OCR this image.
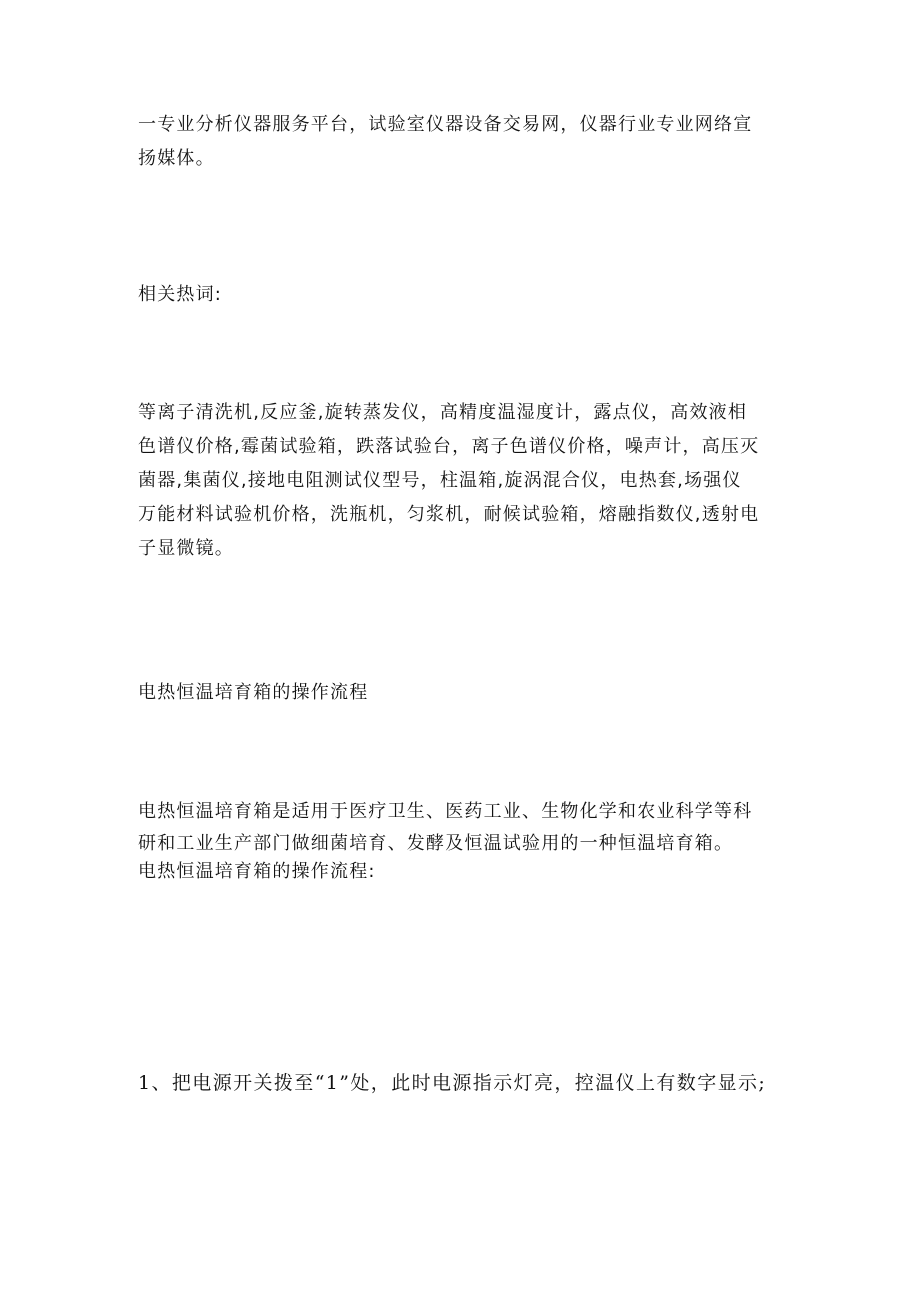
一专业分析仪器服务平台，试验室仪器设备交易网，仪器行业专业网络宣
扬媒体。

相关热词:

等离子清洗机,反应釜,旋转蒸发仪，高精度温湿度计，露点仪，高效液相
色谱仪价格,霉菌试验箱，跌落试验台，离子色谱仪价格，噪声计，高压灭
菌器,集菌仪,接地电阻测试仪型号，柱温箱,旋涡混合仪，电热套,场强仪
万能材料试验机价格，洗瓶机，匀浆机，耐候试验箱，熔融指数仪,透射电
子显微镜。

电热恒温培育箱的操作流程

电热恒温培育箱是适用于医疗卫生、医药工业、生物化学和农业科学等科
研和工业生产部门做细菌培育、发酵及恒温试验用的一种恒温培育箱。
电热恒温培育箱的操作流程:

1、把电源开关拨至“1”处，此时电源指示灯亮，控温仪上有数字显示;
